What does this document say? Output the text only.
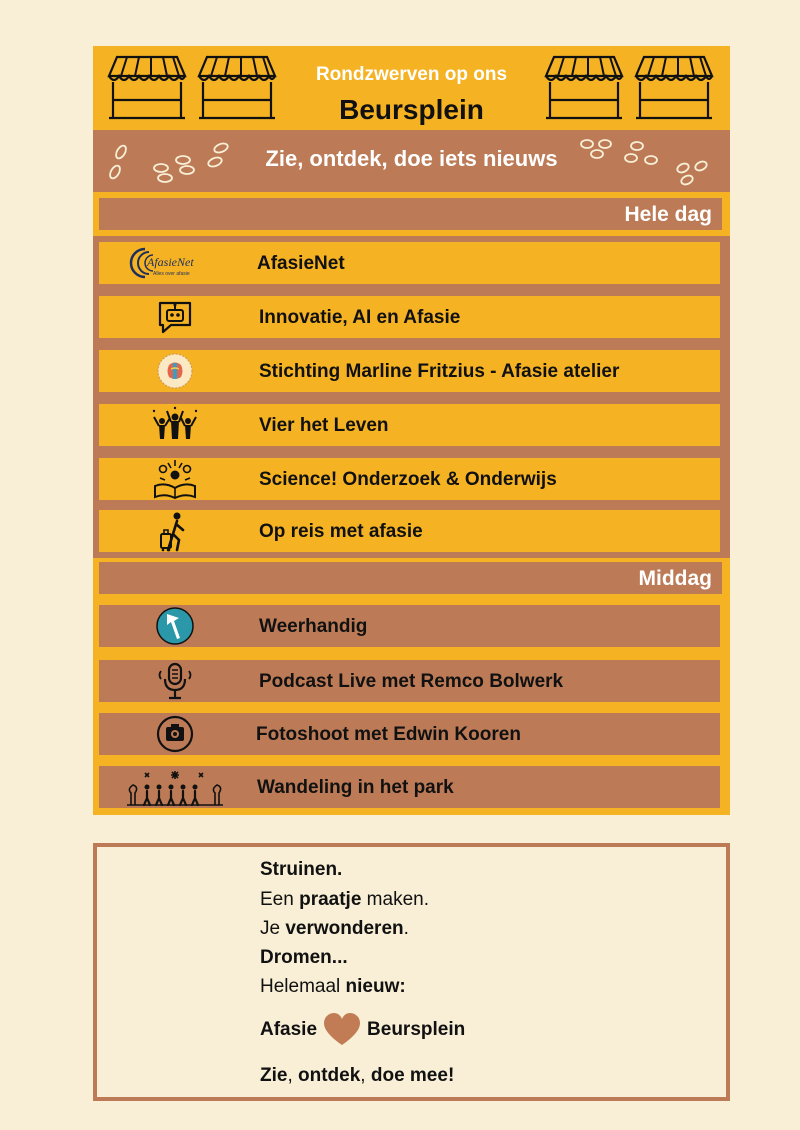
Rondzwerven op ons
Beursplein
Zie, ontdek, doe iets nieuws
Hele dag
AfasieNet
Alles over afasie	AfasieNet
Innovatie, AI en Afasie
Stichting Marline Fritzius - Afasie atelier
Vier het Leven
Science! Onderzoek & Onderwijs
Op reis met afasie
Middag
Weerhandig
Podcast Live met Remco Bolwerk
Fotoshoot met Edwin Kooren
Wandeling in het park
Struinen.
Een praatje maken.
Je verwonderen.
Dromen...
Helemaal nieuw:
Afasie	Beursplein
Zie, ontdek, doe mee!
